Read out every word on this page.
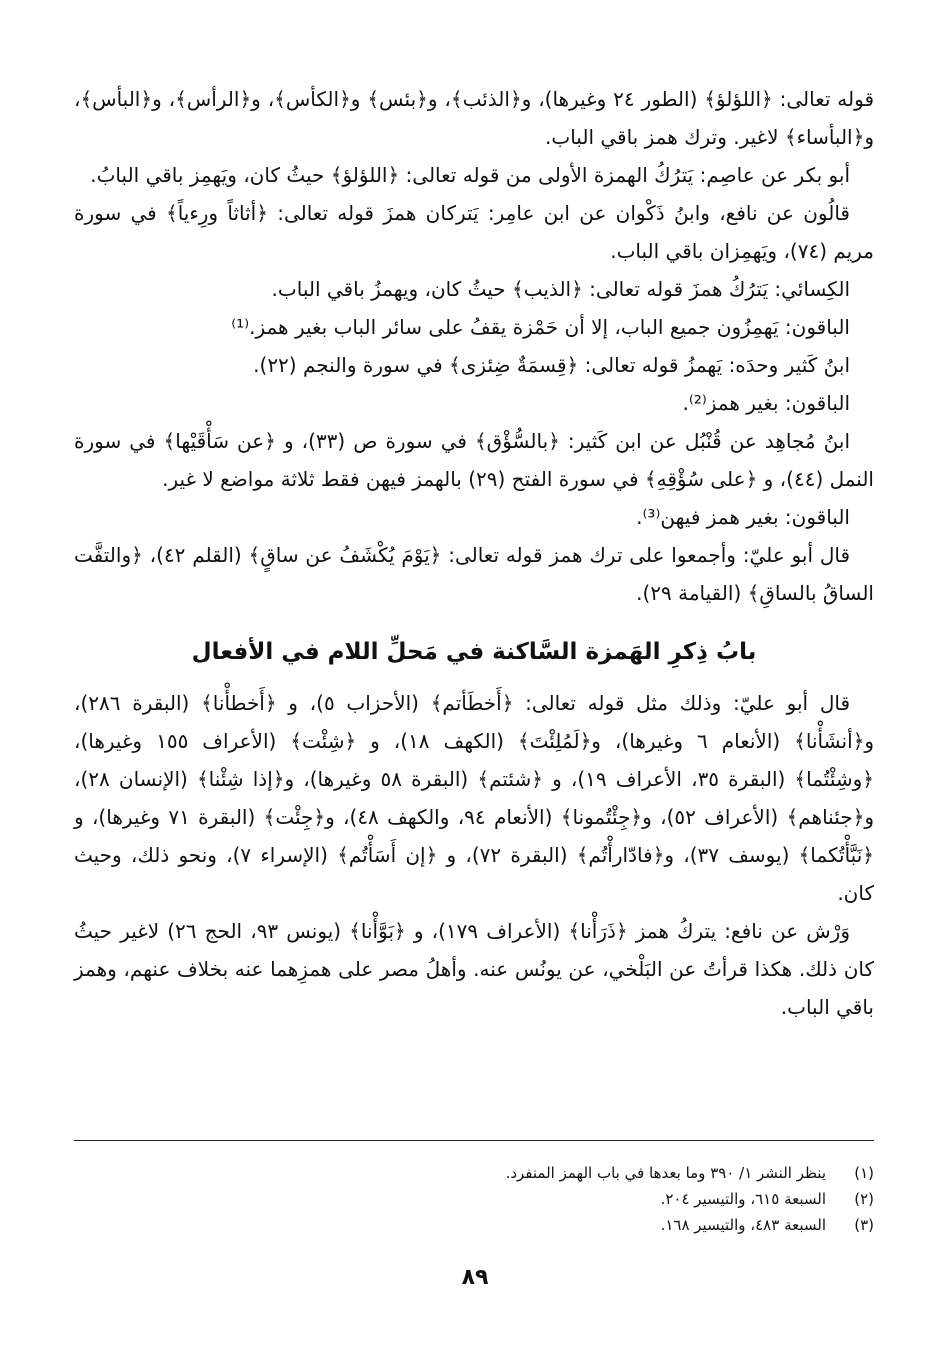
قوله تعالى: ﴿اللؤلؤ﴾ (الطور ٢٤ وغيرها)، و﴿الذئب﴾، و﴿بئس﴾ و﴿الكأس﴾، و﴿الرأس﴾، و﴿البأس﴾، و﴿البأساء﴾ لاغير. وترك همز باقي الباب.

أبو بكر عن عاصِم: يَترُكُ الهمزة الأولى من قوله تعالى: ﴿اللؤلؤ﴾ حيثُ كان، ويَهمِز باقي البابُ.

قالُون عن نافع، وابنُ ذَكْوان عن ابن عامِر: يَتركان همزَ قوله تعالى: ﴿أثاثاً ورِءياً﴾ في سورة مريم (٧٤)، ويَهمِزان باقي الباب.

الكِسائي: يَترُكُ همزَ قوله تعالى: ﴿الذيب﴾ حيثُ كان، ويهمزُ باقي الباب.

الباقون: يَهمِزُون جميع الباب، إلا أن حَمْزة يقفُ على سائر الباب بغير همز.⁽¹⁾

ابنُ كَثير وحدَه: يَهمزُ قوله تعالى: ﴿قِسمَةٌ ضِئزى﴾ في سورة والنجم (٢٢).

الباقون: بغير همز⁽²⁾.

ابنُ مُجاهِد عن قُنْبُل عن ابن كَثير: ﴿بالسُّؤْق﴾ في سورة ص (٣٣)، و ﴿عن سَأْقَيْها﴾ في سورة النمل (٤٤)، و ﴿على سُؤْقِهِ﴾ في سورة الفتح (٢٩) بالهمز فيهن فقط ثلاثة مواضع لا غير.

الباقون: بغير همز فيهن⁽³⁾.

قال أبو عليّ: وأجمعوا على ترك همز قوله تعالى: ﴿يَوْمَ يُكْشَفُ عن ساقٍ﴾ (القلم ٤٢)، ﴿والتفَّت الساقُ بالساقِ﴾ (القيامة ٢٩).

بابُ ذِكرِ الهَمزة السَّاكنة في مَحلِّ اللام في الأفعال

قال أبو عليّ: وذلك مثل قوله تعالى: ﴿أَخطَأتم﴾ (الأحزاب ٥)، و ﴿أَخطأْنا﴾ (البقرة ٢٨٦)، و﴿أنشَأْنا﴾ (الأنعام ٦ وغيرها)، و﴿لَمُلِئْتَ﴾ (الكهف ١٨)، و ﴿شِئْت﴾ (الأعراف ١٥٥ وغيرها)، ﴿وشِئْتُما﴾ (البقرة ٣٥، الأعراف ١٩)، و ﴿شئتم﴾ (البقرة ٥٨ وغيرها)، و﴿إذا شِئْنا﴾ (الإنسان ٢٨)، و﴿جئناهم﴾ (الأعراف ٥٢)، و﴿جِئْتُمونا﴾ (الأنعام ٩٤، والكهف ٤٨)، و﴿جِئْت﴾ (البقرة ٧١ وغيرها)، و ﴿نَبَّأْتُكما﴾ (يوسف ٣٧)، و﴿فادّارأْتُم﴾ (البقرة ٧٢)، و ﴿إن أَسَأْتُم﴾ (الإسراء ٧)، ونحو ذلك، وحيث كان.

وَرْش عن نافع: يتركُ همز ﴿ذَرَأْنا﴾ (الأعراف ١٧٩)، و ﴿بَوَّأْنا﴾ (يونس ٩٣، الحج ٢٦) لاغير حيثُ كان ذلك. هكذا قرأتُ عن البَلْخي، عن يونُس عنه. وأهلُ مصر على همزِهما عنه بخلاف عنهم، وهمز باقي الباب.

(١)
ينظر النشر ١/ ٣٩٠ وما بعدها في باب الهمز المنفرد.
(٢)
السبعة ٦١٥، والتيسير ٢٠٤.
(٣)
السبعة ٤٨٣، والتيسير ١٦٨.
٨٩
